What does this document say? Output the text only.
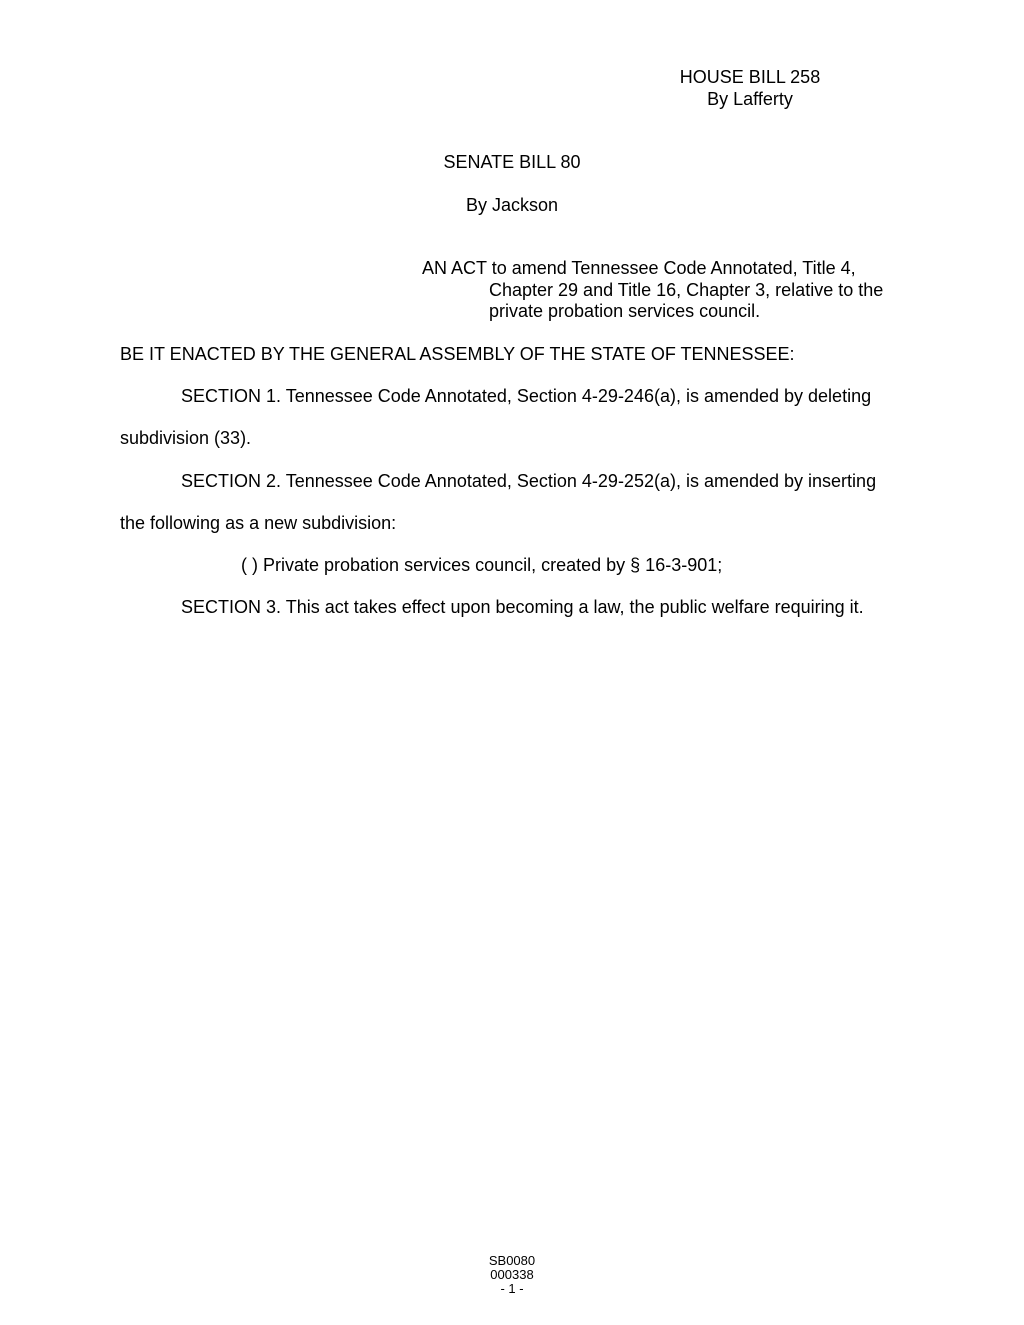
HOUSE BILL 258
By Lafferty
SENATE BILL 80
By Jackson
AN ACT to amend Tennessee Code Annotated, Title 4,
Chapter 29 and Title 16, Chapter 3, relative to the
private probation services council.
BE IT ENACTED BY THE GENERAL ASSEMBLY OF THE STATE OF TENNESSEE:
SECTION 1. Tennessee Code Annotated, Section 4-29-246(a), is amended by deleting
subdivision (33).
SECTION 2. Tennessee Code Annotated, Section 4-29-252(a), is amended by inserting
the following as a new subdivision:
( ) Private probation services council, created by § 16-3-901;
SECTION 3. This act takes effect upon becoming a law, the public welfare requiring it.
SB0080
000338
- 1 -
